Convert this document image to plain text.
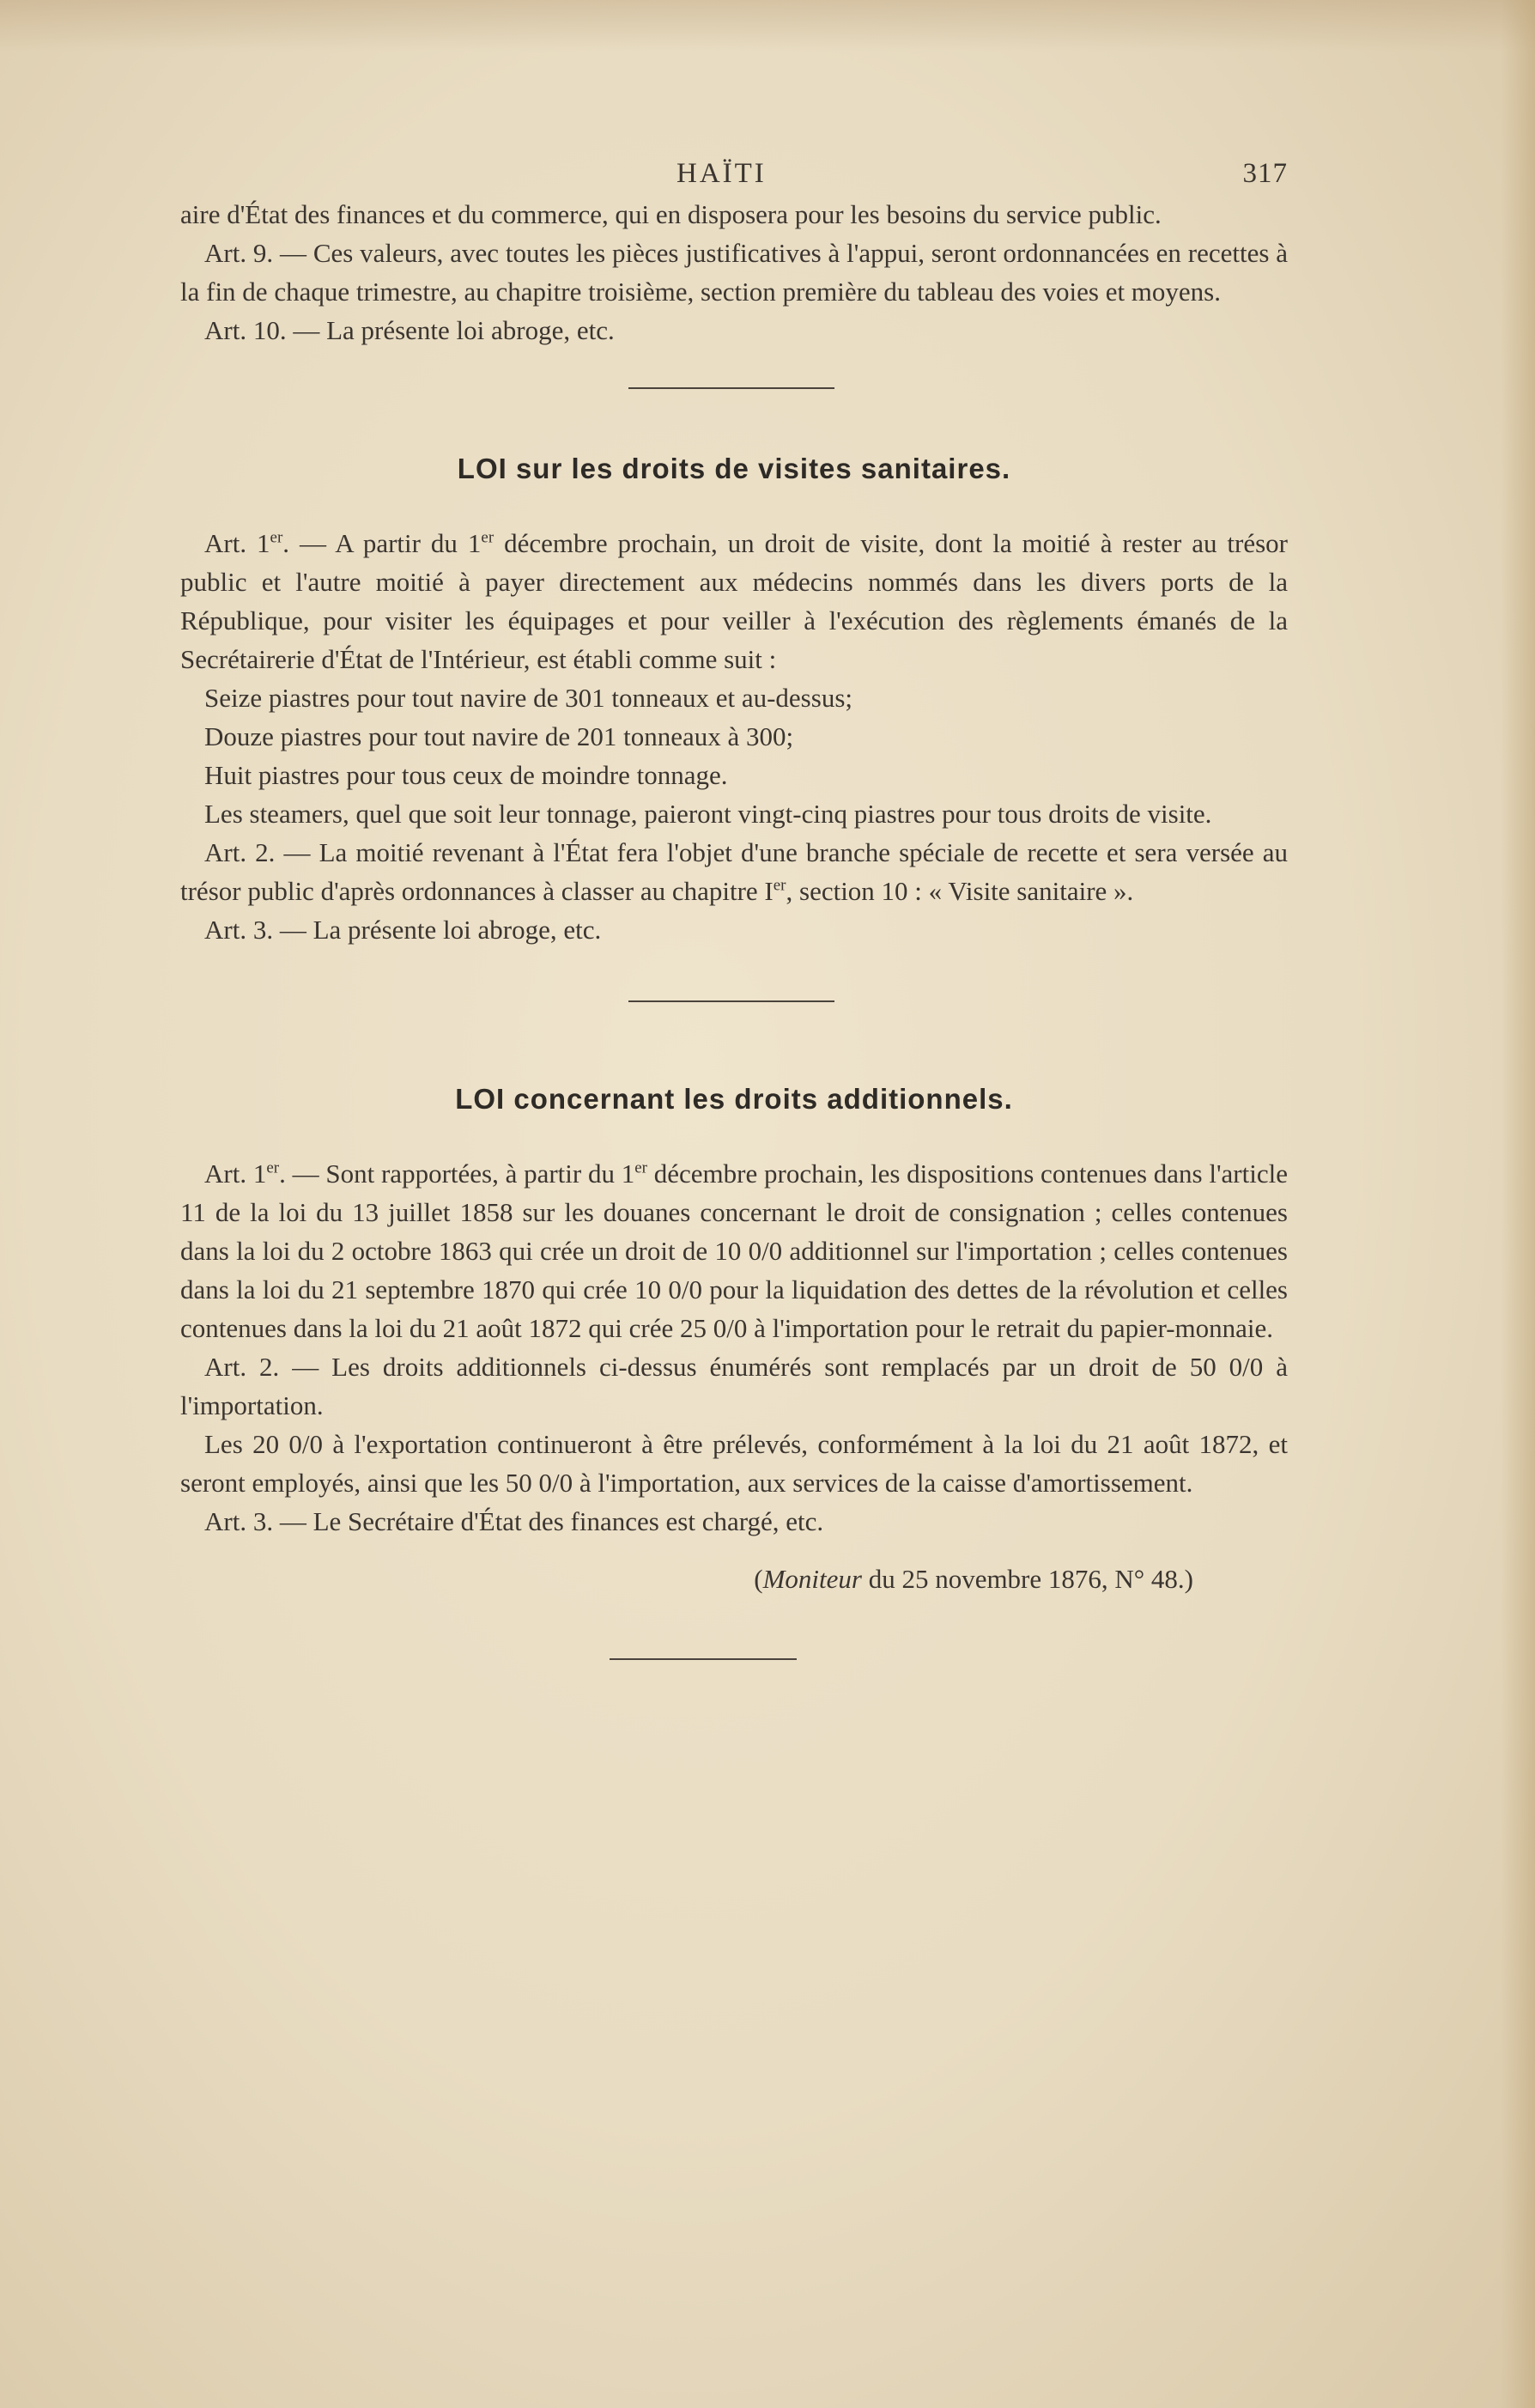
HAÏTI	317

aire d'État des finances et du commerce, qui en disposera pour les besoins du service public.

Art. 9. — Ces valeurs, avec toutes les pièces justificatives à l'appui, seront ordonnancées en recettes à la fin de chaque trimestre, au chapitre troisième, section première du tableau des voies et moyens.

Art. 10. — La présente loi abroge, etc.

LOI sur les droits de visites sanitaires.

Art. 1er. — A partir du 1er décembre prochain, un droit de visite, dont la moitié à rester au trésor public et l'autre moitié à payer directement aux médecins nommés dans les divers ports de la République, pour visiter les équipages et pour veiller à l'exécution des règlements émanés de la Secrétairerie d'État de l'Intérieur, est établi comme suit :

Seize piastres pour tout navire de 301 tonneaux et au-dessus;

Douze piastres pour tout navire de 201 tonneaux à 300;

Huit piastres pour tous ceux de moindre tonnage.

Les steamers, quel que soit leur tonnage, paieront vingt-cinq piastres pour tous droits de visite.

Art. 2. — La moitié revenant à l'État fera l'objet d'une branche spéciale de recette et sera versée au trésor public d'après ordonnances à classer au chapitre Ier, section 10 : « Visite sanitaire ».

Art. 3. — La présente loi abroge, etc.

LOI concernant les droits additionnels.

Art. 1er. — Sont rapportées, à partir du 1er décembre prochain, les dispositions contenues dans l'article 11 de la loi du 13 juillet 1858 sur les douanes concernant le droit de consignation ; celles contenues dans la loi du 2 octobre 1863 qui crée un droit de 10 0/0 additionnel sur l'importation ; celles contenues dans la loi du 21 septembre 1870 qui crée 10 0/0 pour la liquidation des dettes de la révolution et celles contenues dans la loi du 21 août 1872 qui crée 25 0/0 à l'importation pour le retrait du papier-monnaie.

Art. 2. — Les droits additionnels ci-dessus énumérés sont remplacés par un droit de 50 0/0 à l'importation.

Les 20 0/0 à l'exportation continueront à être prélevés, conformément à la loi du 21 août 1872, et seront employés, ainsi que les 50 0/0 à l'importation, aux services de la caisse d'amortissement.

Art. 3. — Le Secrétaire d'État des finances est chargé, etc.

(Moniteur du 25 novembre 1876, N° 48.)
